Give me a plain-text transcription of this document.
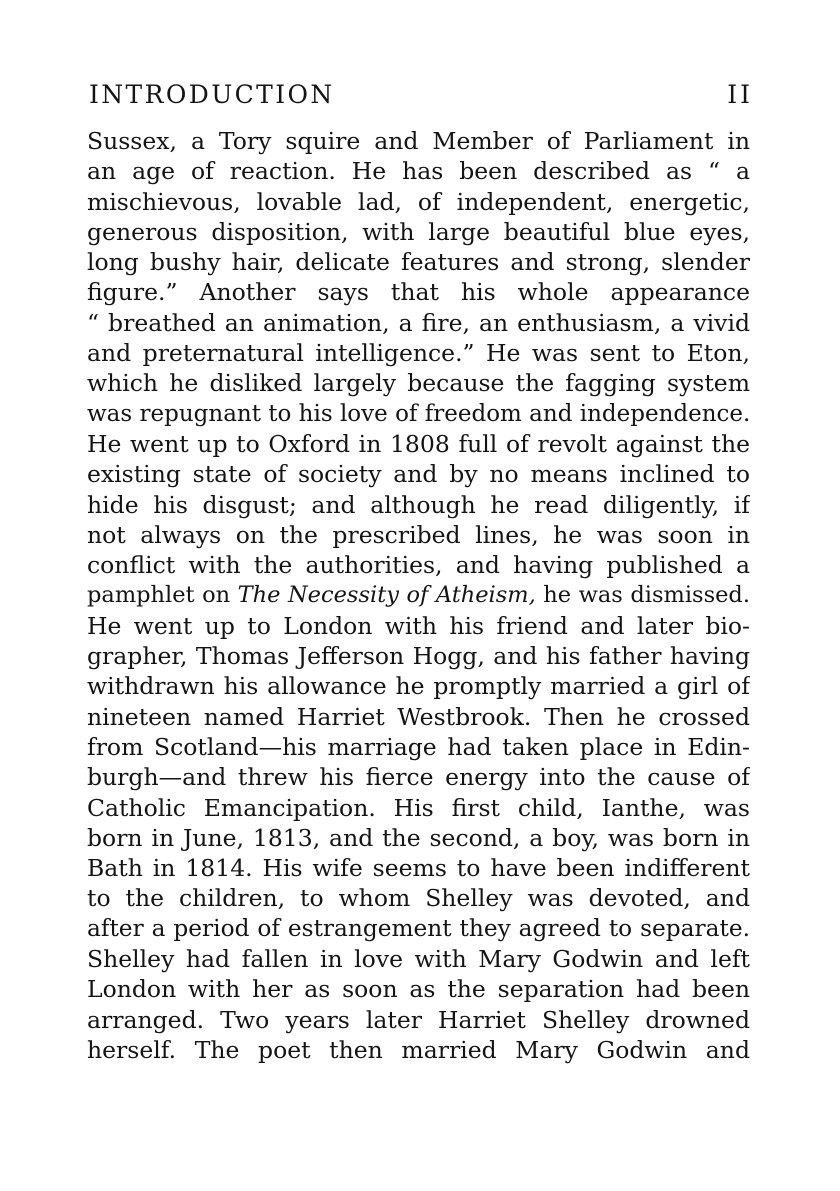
INTRODUCTION	II
Sussex, a Tory squire and Member of Parliament in
an age of reaction. He has been described as “ a
mischievous, lovable lad, of independent, energetic,
generous disposition, with large beautiful blue eyes,
long bushy hair, delicate features and strong, slender
figure.” Another says that his whole appearance
“ breathed an animation, a fire, an enthusiasm, a vivid
and preternatural intelligence.” He was sent to Eton,
which he disliked largely because the fagging system
was repugnant to his love of freedom and independence.
He went up to Oxford in 1808 full of revolt against the
existing state of society and by no means inclined to
hide his disgust; and although he read diligently, if
not always on the prescribed lines, he was soon in
conflict with the authorities, and having published a
pamphlet on The Necessity of Atheism, he was dismissed.
He went up to London with his friend and later bio-
grapher, Thomas Jefferson Hogg, and his father having
withdrawn his allowance he promptly married a girl of
nineteen named Harriet Westbrook. Then he crossed
from Scotland—his marriage had taken place in Edin-
burgh—and threw his fierce energy into the cause of
Catholic Emancipation. His first child, Ianthe, was
born in June, 1813, and the second, a boy, was born in
Bath in 1814. His wife seems to have been indifferent
to the children, to whom Shelley was devoted, and
after a period of estrangement they agreed to separate.
Shelley had fallen in love with Mary Godwin and left
London with her as soon as the separation had been
arranged. Two years later Harriet Shelley drowned
herself. The poet then married Mary Godwin and
